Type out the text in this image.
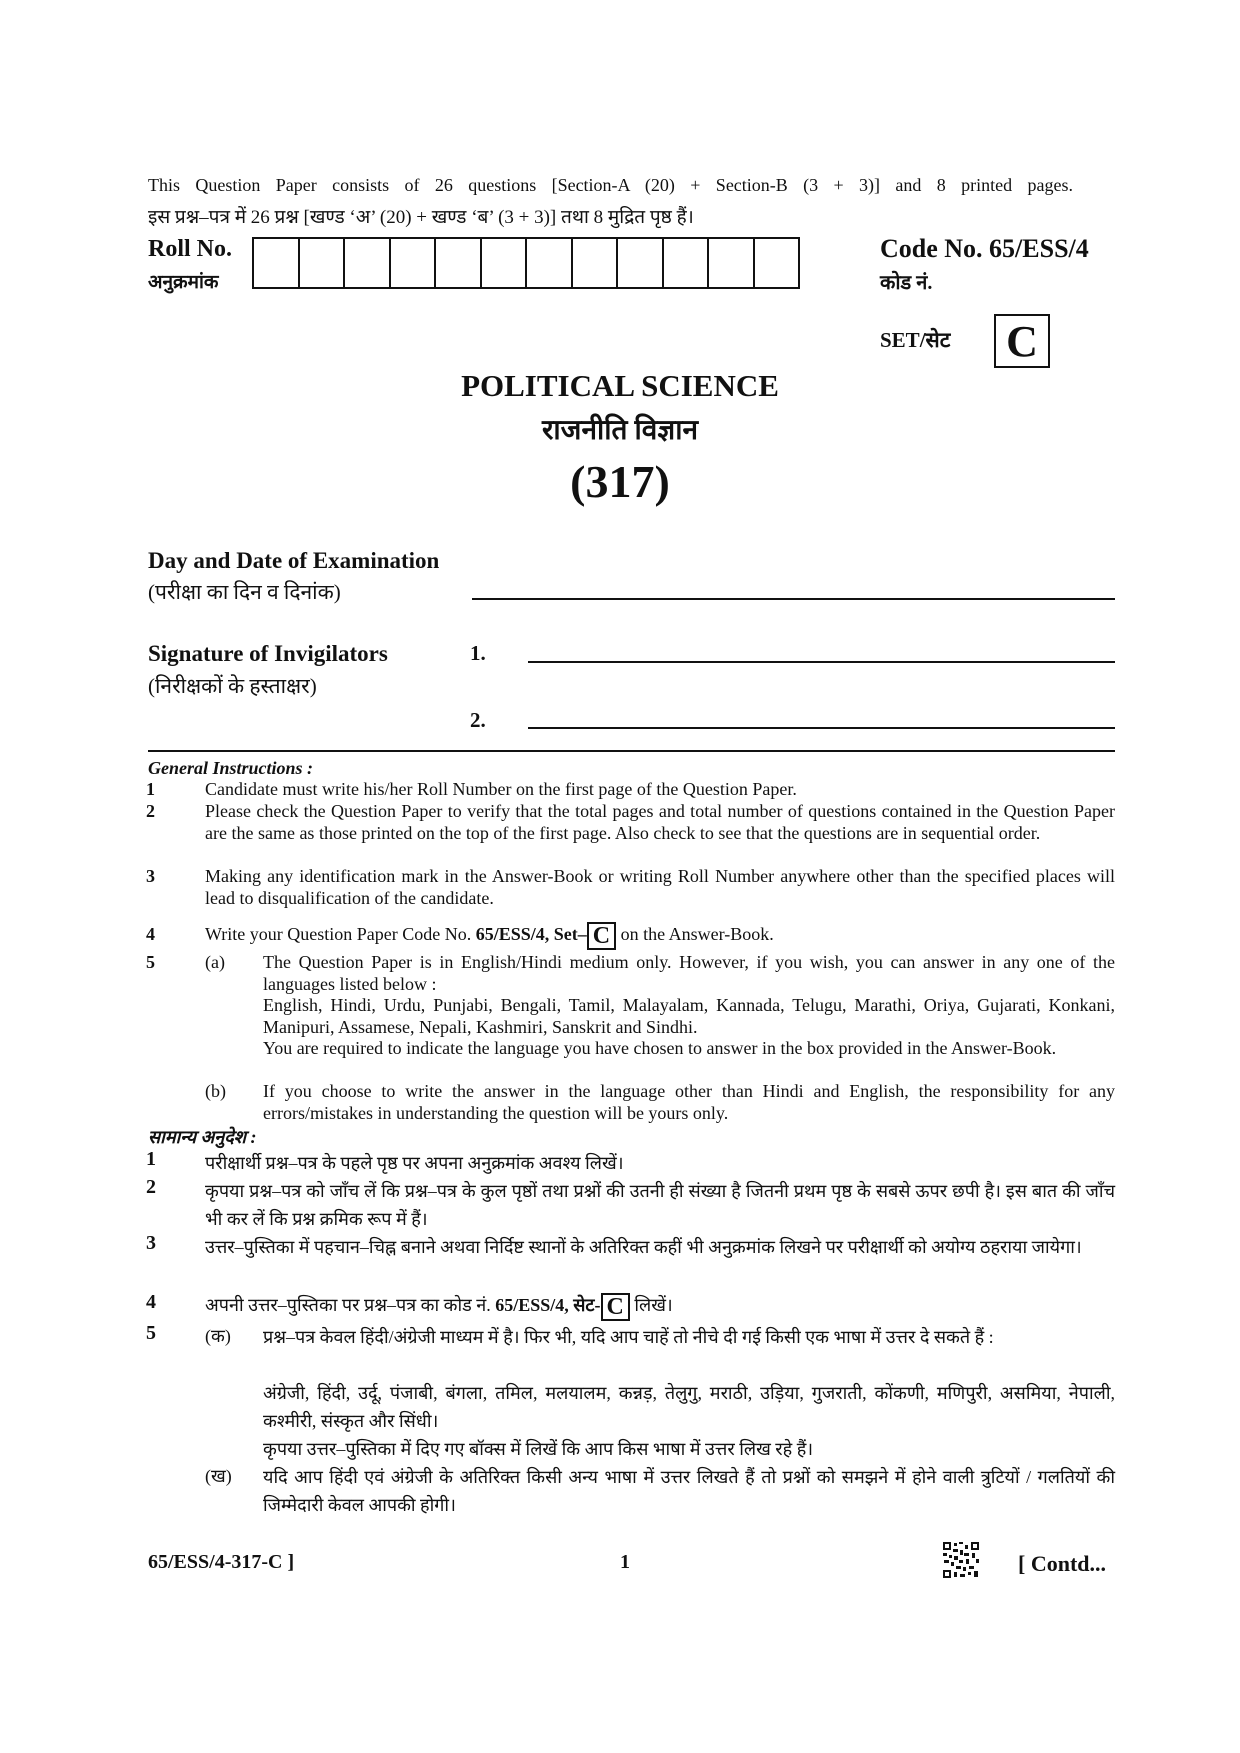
This Question Paper consists of 26 questions [Section-A (20) + Section-B (3 + 3)] and 8 printed pages.
इस प्रश्न–पत्र में 26 प्रश्न [खण्ड ‘अ’ (20) + खण्ड ‘ब’ (3 + 3)] तथा 8 मुद्रित पृष्ठ हैं।
Roll No.
अनुक्रमांक
Code No. 65/ESS/4
कोड नं.
SET/सेट C
POLITICAL SCIENCE
राजनीति विज्ञान
(317)
Day and Date of Examination
(परीक्षा का दिन व दिनांक)
Signature of Invigilators
(निरीक्षकों के हस्ताक्षर)
1.
2.
General Instructions :
1	Candidate must write his/her Roll Number on the first page of the Question Paper.
2	Please check the Question Paper to verify that the total pages and total number of questions contained in the Question Paper are the same as those printed on the top of the first page. Also check to see that the questions are in sequential order.
3	Making any identification mark in the Answer-Book or writing Roll Number anywhere other than the specified places will lead to disqualification of the candidate.
4	Write your Question Paper Code No. 65/ESS/4, Set– C on the Answer-Book.
5	(a) The Question Paper is in English/Hindi medium only. However, if you wish, you can answer in any one of the languages listed below :
English, Hindi, Urdu, Punjabi, Bengali, Tamil, Malayalam, Kannada, Telugu, Marathi, Oriya, Gujarati, Konkani, Manipuri, Assamese, Nepali, Kashmiri, Sanskrit and Sindhi.
You are required to indicate the language you have chosen to answer in the box provided in the Answer-Book.
(b) If you choose to write the answer in the language other than Hindi and English, the responsibility for any errors/mistakes in understanding the question will be yours only.
सामान्य अनुदेश :
1	परीक्षार्थी प्रश्न–पत्र के पहले पृष्ठ पर अपना अनुक्रमांक अवश्य लिखें।
2	कृपया प्रश्न–पत्र को जाँच लें कि प्रश्न–पत्र के कुल पृष्ठों तथा प्रश्नों की उतनी ही संख्या है जितनी प्रथम पृष्ठ के सबसे ऊपर छपी है। इस बात की जाँच भी कर लें कि प्रश्न क्रमिक रूप में हैं।
3	उत्तर–पुस्तिका में पहचान–चिह्न बनाने अथवा निर्दिष्ट स्थानों के अतिरिक्त कहीं भी अनुक्रमांक लिखने पर परीक्षार्थी को अयोग्य ठहराया जायेगा।
4	अपनी उत्तर–पुस्तिका पर प्रश्न–पत्र का कोड नं. 65/ESS/4, सेट- C लिखें।
5	(क) प्रश्न–पत्र केवल हिंदी/अंग्रेजी माध्यम में है। फिर भी, यदि आप चाहें तो नीचे दी गई किसी एक भाषा में उत्तर दे सकते हैं :
अंग्रेजी, हिंदी, उर्दू, पंजाबी, बंगला, तमिल, मलयालम, कन्नड़, तेलुगु, मराठी, उड़िया, गुजराती, कोंकणी, मणिपुरी, असमिया, नेपाली, कश्मीरी, संस्कृत और सिंधी।
कृपया उत्तर–पुस्तिका में दिए गए बॉक्स में लिखें कि आप किस भाषा में उत्तर लिख रहे हैं।
(ख) यदि आप हिंदी एवं अंग्रेजी के अतिरिक्त किसी अन्य भाषा में उत्तर लिखते हैं तो प्रश्नों को समझने में होने वाली त्रुटियों / गलतियों की जिम्मेदारी केवल आपकी होगी।
65/ESS/4-317-C ]	1	[ Contd...
